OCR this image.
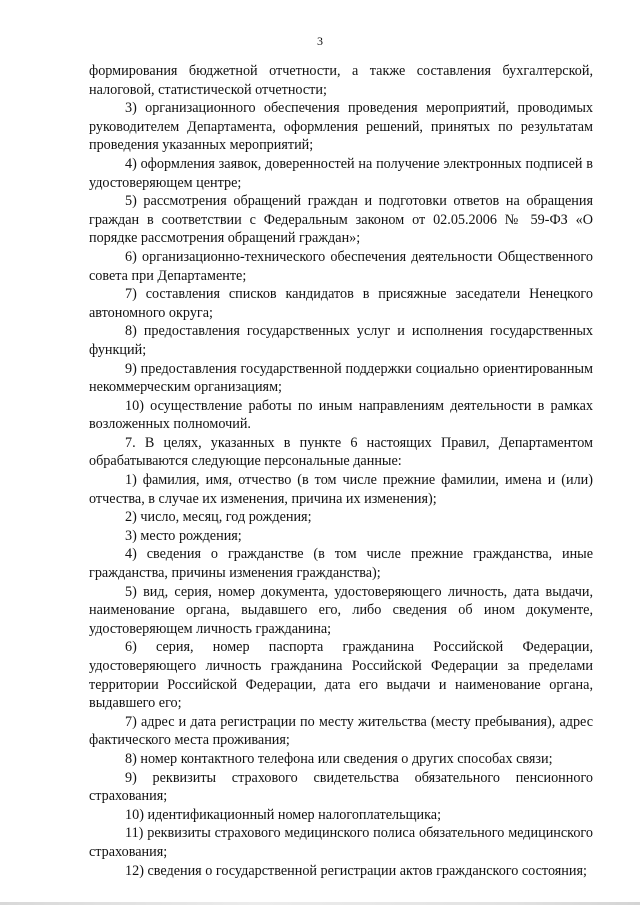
3

формирования бюджетной отчетности, а также составления бухгалтерской, налоговой, статистической отчетности;

3) организационного обеспечения проведения мероприятий, проводимых руководителем Департамента, оформления решений, принятых по результатам проведения указанных мероприятий;

4) оформления заявок, доверенностей на получение электронных подписей в удостоверяющем центре;

5) рассмотрения обращений граждан и подготовки ответов на обращения граждан в соответствии с Федеральным законом от 02.05.2006 № 59-ФЗ «О порядке рассмотрения обращений граждан»;

6) организационно-технического обеспечения деятельности Общественного совета при Департаменте;

7) составления списков кандидатов в присяжные заседатели Ненецкого автономного округа;

8) предоставления государственных услуг и исполнения государственных функций;

9) предоставления государственной поддержки социально ориентированным некоммерческим организациям;

10) осуществление работы по иным направлениям деятельности в рамках возложенных полномочий.

7. В целях, указанных в пункте 6 настоящих Правил, Департаментом обрабатываются следующие персональные данные:

1) фамилия, имя, отчество (в том числе прежние фамилии, имена и (или) отчества, в случае их изменения, причина их изменения);

2) число, месяц, год рождения;

3) место рождения;

4) сведения о гражданстве (в том числе прежние гражданства, иные гражданства, причины изменения гражданства);

5) вид, серия, номер документа, удостоверяющего личность, дата выдачи, наименование органа, выдавшего его, либо сведения об ином документе, удостоверяющем личность гражданина;

6) серия, номер паспорта гражданина Российской Федерации, удостоверяющего личность гражданина Российской Федерации за пределами территории Российской Федерации, дата его выдачи и наименование органа, выдавшего его;

7) адрес и дата регистрации по месту жительства (месту пребывания), адрес фактического места проживания;

8) номер контактного телефона или сведения о других способах связи;

9) реквизиты страхового свидетельства обязательного пенсионного страхования;

10) идентификационный номер налогоплательщика;

11) реквизиты страхового медицинского полиса обязательного медицинского страхования;

12) сведения о государственной регистрации актов гражданского состояния;
